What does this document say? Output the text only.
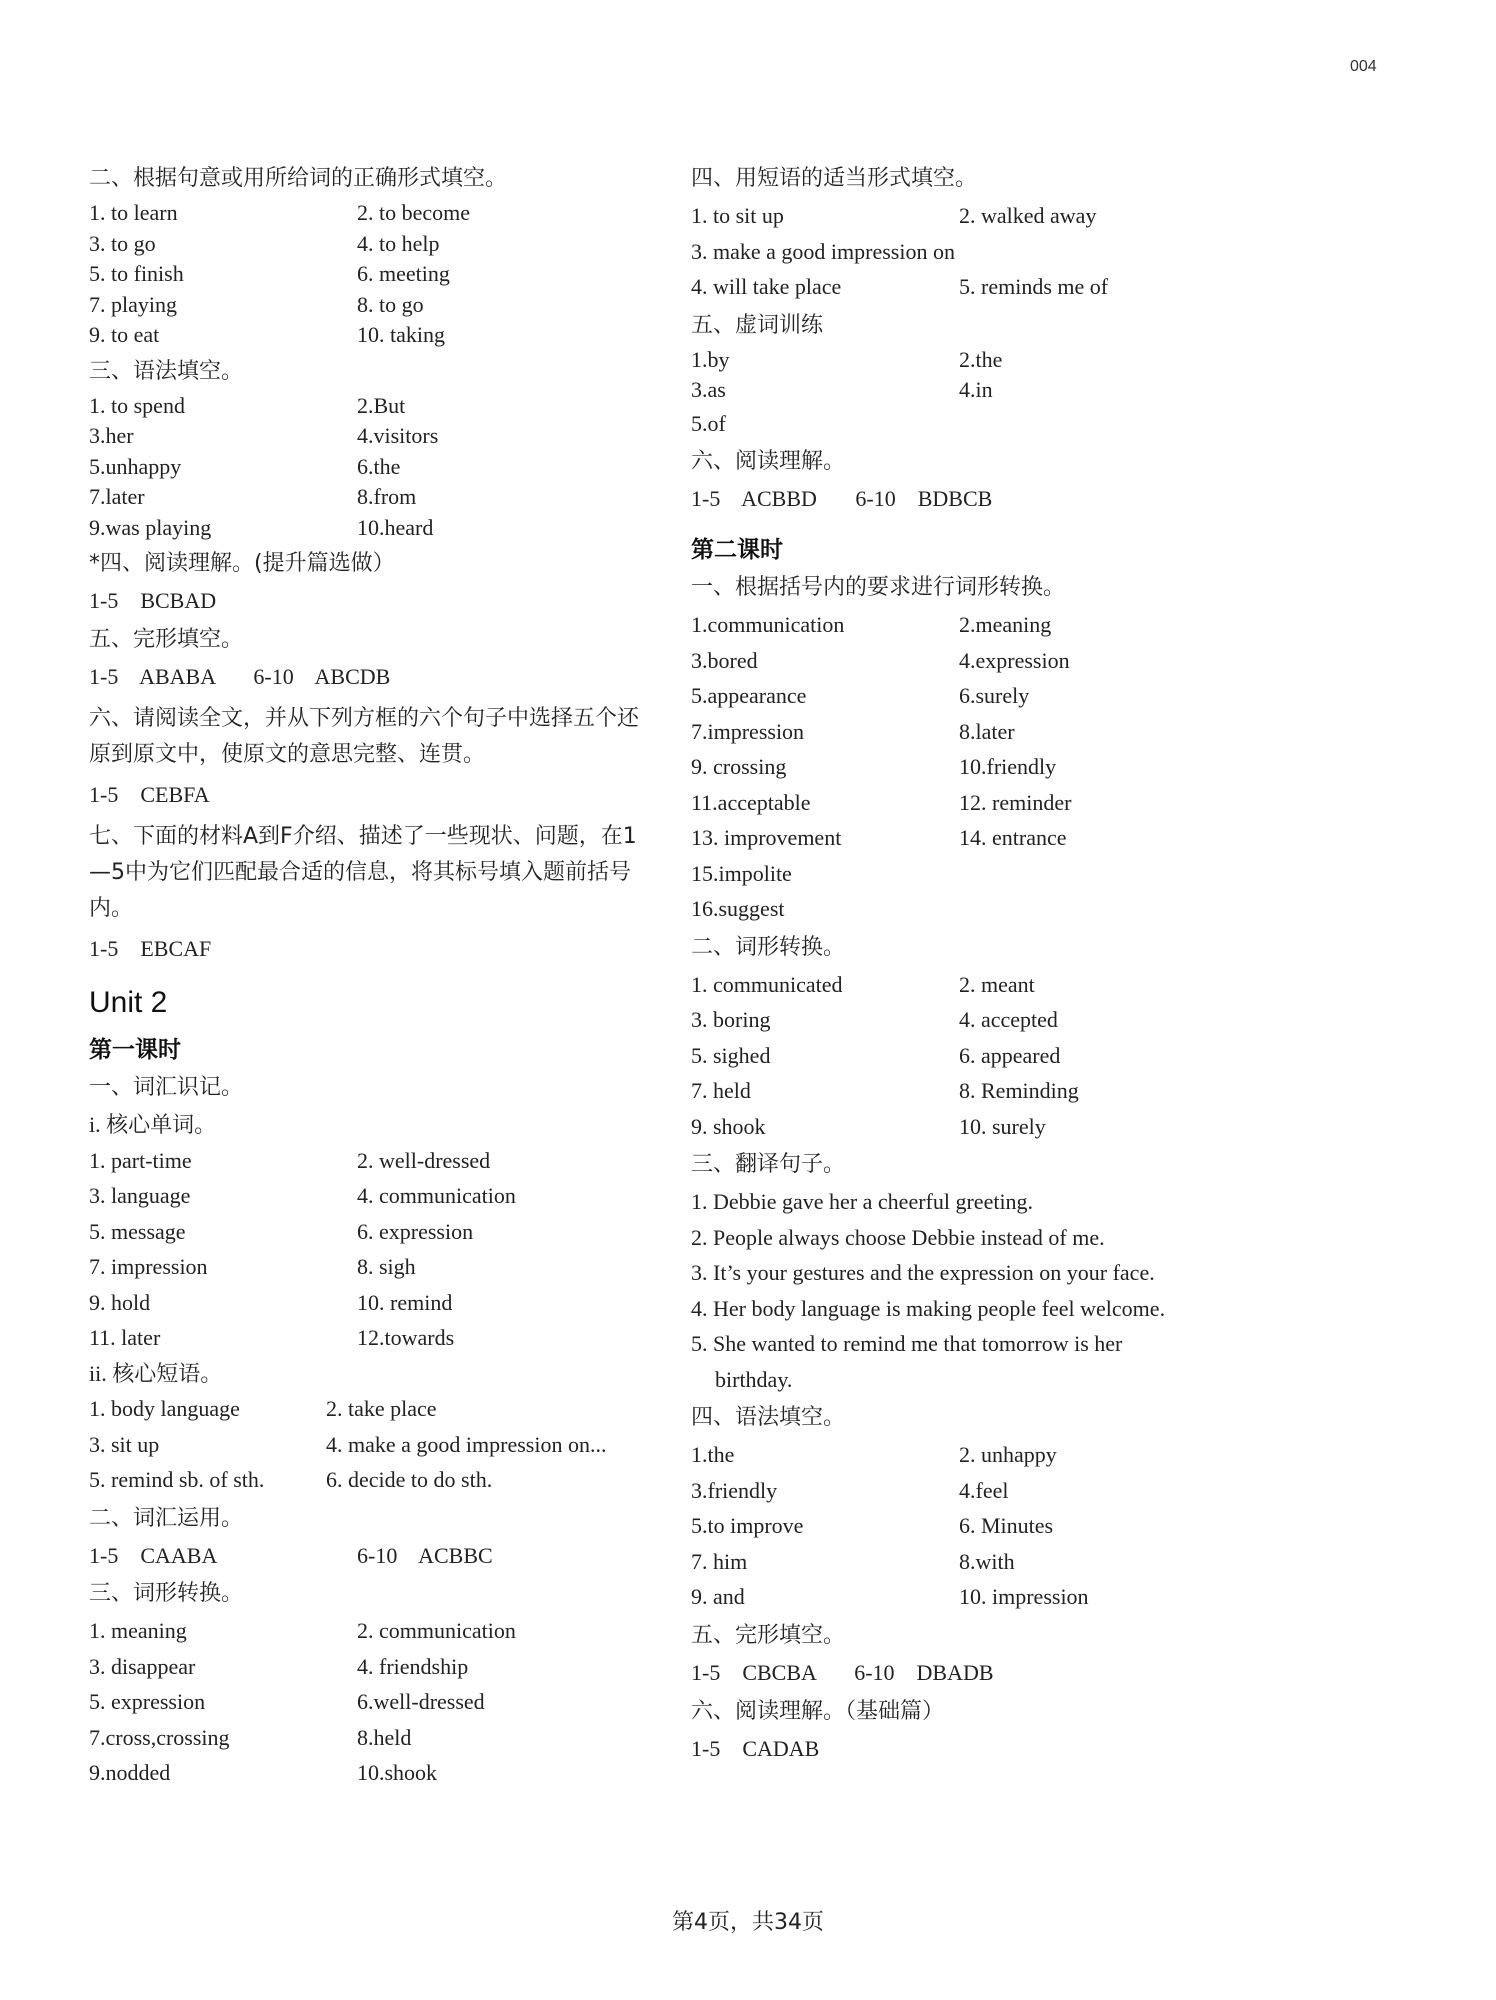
004
二、根据句意或用所给词的正确形式填空。
1. to learn	2. to become
3. to go	4. to help
5. to finish	6. meeting
7. playing	8. to go
9. to eat	10. taking
三、语法填空。
1. to spend	2.But
3.her	4.visitors
5.unhappy	6.the
7.later	8.from
9.was playing	10.heard
*四、阅读理解。(提升篇选做）
1-5    BCBAD
五、完形填空。
1-5    ABABA       6-10    ABCDB
六、请阅读全文，并从下列方框的六个句子中选择五个还原到原文中，使原文的意思完整、连贯。
1-5    CEBFA
七、下面的材料A到F介绍、描述了一些现状、问题，在1—5中为它们匹配最合适的信息，将其标号填入题前括号内。
1-5    EBCAF
Unit 2
第一课时
一、词汇识记。
i. 核心单词。
1. part-time	2. well-dressed
3. language	4. communication
5. message	6. expression
7. impression	8. sigh
9. hold	10. remind
11. later	12.towards
ii. 核心短语。
1. body language	2. take place
3. sit up	4. make a good impression on...
5. remind sb. of sth.	6. decide to do sth.
二、词汇运用。
1-5    CAABA	6-10    ACBBC
三、词形转换。
1. meaning	2. communication
3. disappear	4. friendship
5. expression	6.well-dressed
7.cross,crossing	8.held
9.nodded	10.shook
四、用短语的适当形式填空。
1. to sit up	2. walked away
3. make a good impression on
4. will take place	5. reminds me of
五、虚词训练
1.by	2.the
3.as	4.in
5.of
六、阅读理解。
1-5    ACBBD       6-10    BDBCB
第二课时
一、根据括号内的要求进行词形转换。
1.communication	2.meaning
3.bored	4.expression
5.appearance	6.surely
7.impression	8.later
9. crossing	10.friendly
11.acceptable	12. reminder
13. improvement	14. entrance
15.impolite
16.suggest
二、词形转换。
1. communicated	2. meant
3. boring	4. accepted
5. sighed	6. appeared
7. held	8. Reminding
9. shook	10. surely
三、翻译句子。
1. Debbie gave her a cheerful greeting.
2. People always choose Debbie instead of me.
3. It’s your gestures and the expression on your face.
4. Her body language is making people feel welcome.
5. She wanted to remind me that tomorrow is her
birthday.
四、语法填空。
1.the	2. unhappy
3.friendly	4.feel
5.to improve	6. Minutes
7. him	8.with
9. and	10. impression
五、完形填空。
1-5    CBCBA       6-10    DBADB
六、阅读理解。（基础篇）
1-5    CADAB
第4页，共34页
